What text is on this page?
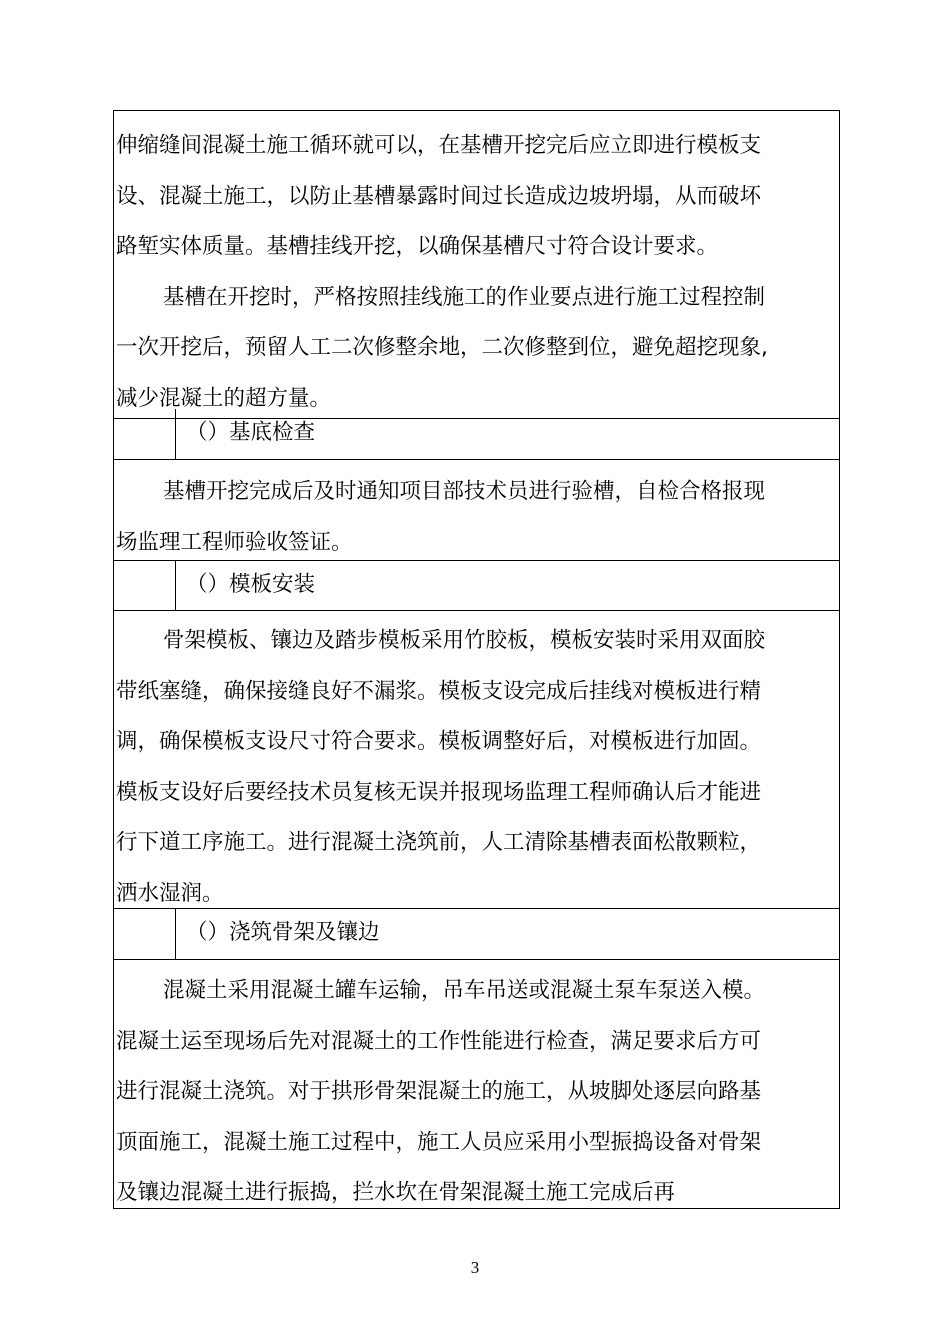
伸缩缝间混凝土施工循环就可以，在基槽开挖完后应立即进行模板支
设、混凝土施工，以防止基槽暴露时间过长造成边坡坍塌，从而破坏
路堑实体质量。基槽挂线开挖，以确保基槽尺寸符合设计要求。
基槽在开挖时，严格按照挂线施工的作业要点进行施工过程控制
一次开挖后，预留人工二次修整余地，二次修整到位，避免超挖现象,
减少混凝土的超方量。

（）基底检查

基槽开挖完成后及时通知项目部技术员进行验槽，自检合格报现
场监理工程师验收签证。

（）模板安装

骨架模板、镶边及踏步模板采用竹胶板，模板安装时采用双面胶
带纸塞缝，确保接缝良好不漏浆。模板支设完成后挂线对模板进行精
调，确保模板支设尺寸符合要求。模板调整好后，对模板进行加固。
模板支设好后要经技术员复核无误并报现场监理工程师确认后才能进
行下道工序施工。进行混凝土浇筑前，人工清除基槽表面松散颗粒，
洒水湿润。

（）浇筑骨架及镶边

混凝土采用混凝土罐车运输，吊车吊送或混凝土泵车泵送入模。
混凝土运至现场后先对混凝土的工作性能进行检查，满足要求后方可
进行混凝土浇筑。对于拱形骨架混凝土的施工，从坡脚处逐层向路基
顶面施工，混凝土施工过程中，施工人员应采用小型振捣设备对骨架
及镶边混凝土进行振捣，拦水坎在骨架混凝土施工完成后再

3
